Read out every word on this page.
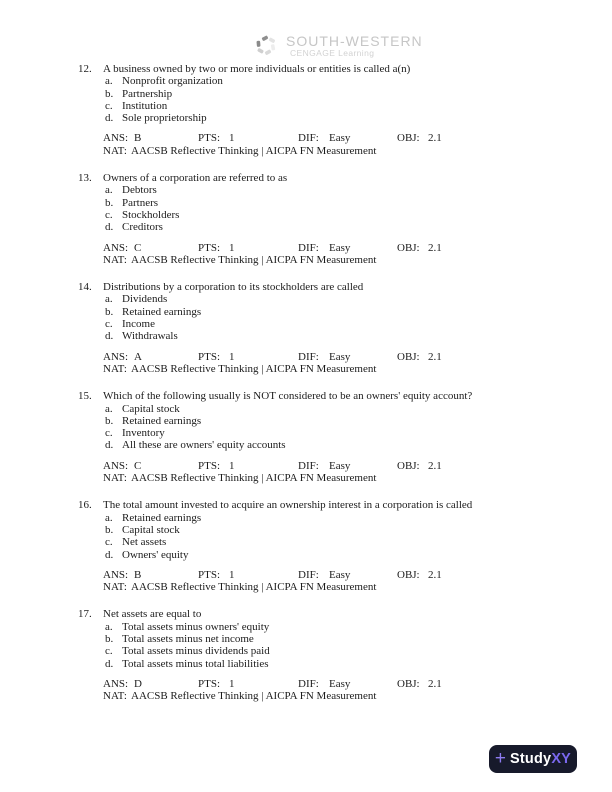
SOUTH-WESTERN
CENGAGE Learning
12.	A business owned by two or more individuals or entities is called a(n)
a. Nonprofit organization
b. Partnership
c. Institution
d. Sole proprietorship
ANS: B	PTS: 1	DIF: Easy	OBJ: 2.1
NAT: AACSB Reflective Thinking | AICPA FN Measurement
13.	Owners of a corporation are referred to as
a. Debtors
b. Partners
c. Stockholders
d. Creditors
ANS: C	PTS: 1	DIF: Easy	OBJ: 2.1
NAT: AACSB Reflective Thinking | AICPA FN Measurement
14.	Distributions by a corporation to its stockholders are called
a. Dividends
b. Retained earnings
c. Income
d. Withdrawals
ANS: A	PTS: 1	DIF: Easy	OBJ: 2.1
NAT: AACSB Reflective Thinking | AICPA FN Measurement
15.	Which of the following usually is NOT considered to be an owners' equity account?
a. Capital stock
b. Retained earnings
c. Inventory
d. All these are owners' equity accounts
ANS: C	PTS: 1	DIF: Easy	OBJ: 2.1
NAT: AACSB Reflective Thinking | AICPA FN Measurement
16.	The total amount invested to acquire an ownership interest in a corporation is called
a. Retained earnings
b. Capital stock
c. Net assets
d. Owners' equity
ANS: B	PTS: 1	DIF: Easy	OBJ: 2.1
NAT: AACSB Reflective Thinking | AICPA FN Measurement
17.	Net assets are equal to
a. Total assets minus owners' equity
b. Total assets minus net income
c. Total assets minus dividends paid
d. Total assets minus total liabilities
ANS: D	PTS: 1	DIF: Easy	OBJ: 2.1
NAT: AACSB Reflective Thinking | AICPA FN Measurement
+ StudyXY
